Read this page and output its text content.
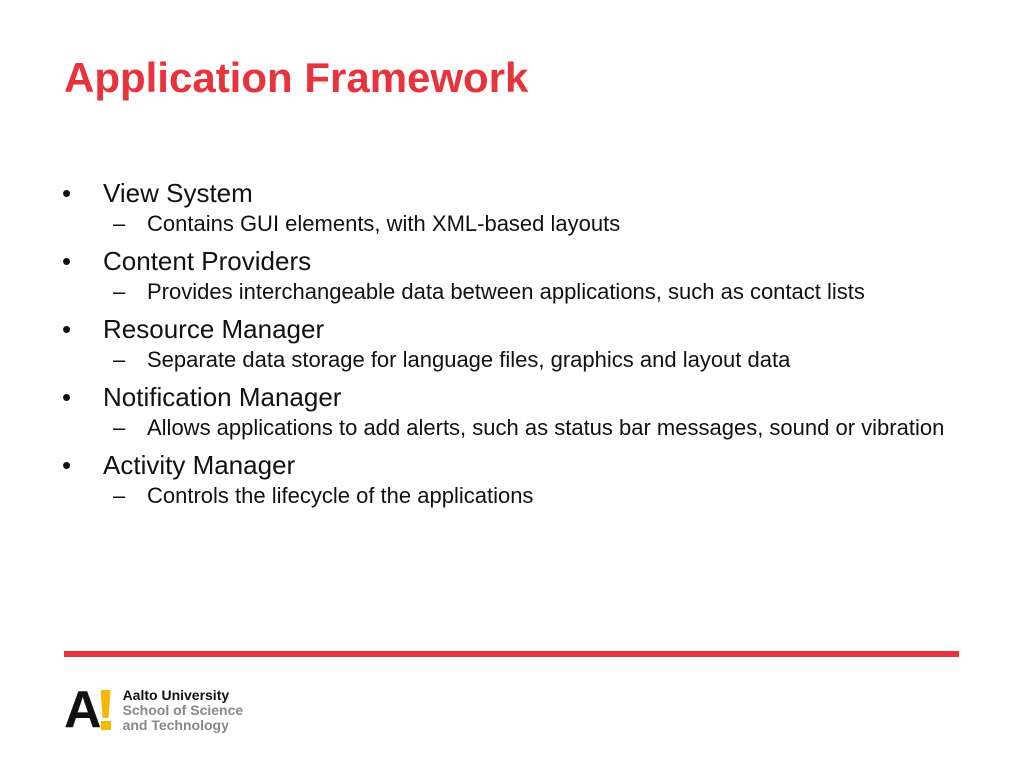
Application Framework
•	View System
– Contains GUI elements, with XML-based layouts
•	Content Providers
– Provides interchangeable data between applications, such as contact lists
•	Resource Manager
– Separate data storage for language files, graphics and layout data
•	Notification Manager
– Allows applications to add alerts, such as status bar messages, sound or vibration
•	Activity Manager
– Controls the lifecycle of the applications
A Aalto University
School of Science
and Technology
